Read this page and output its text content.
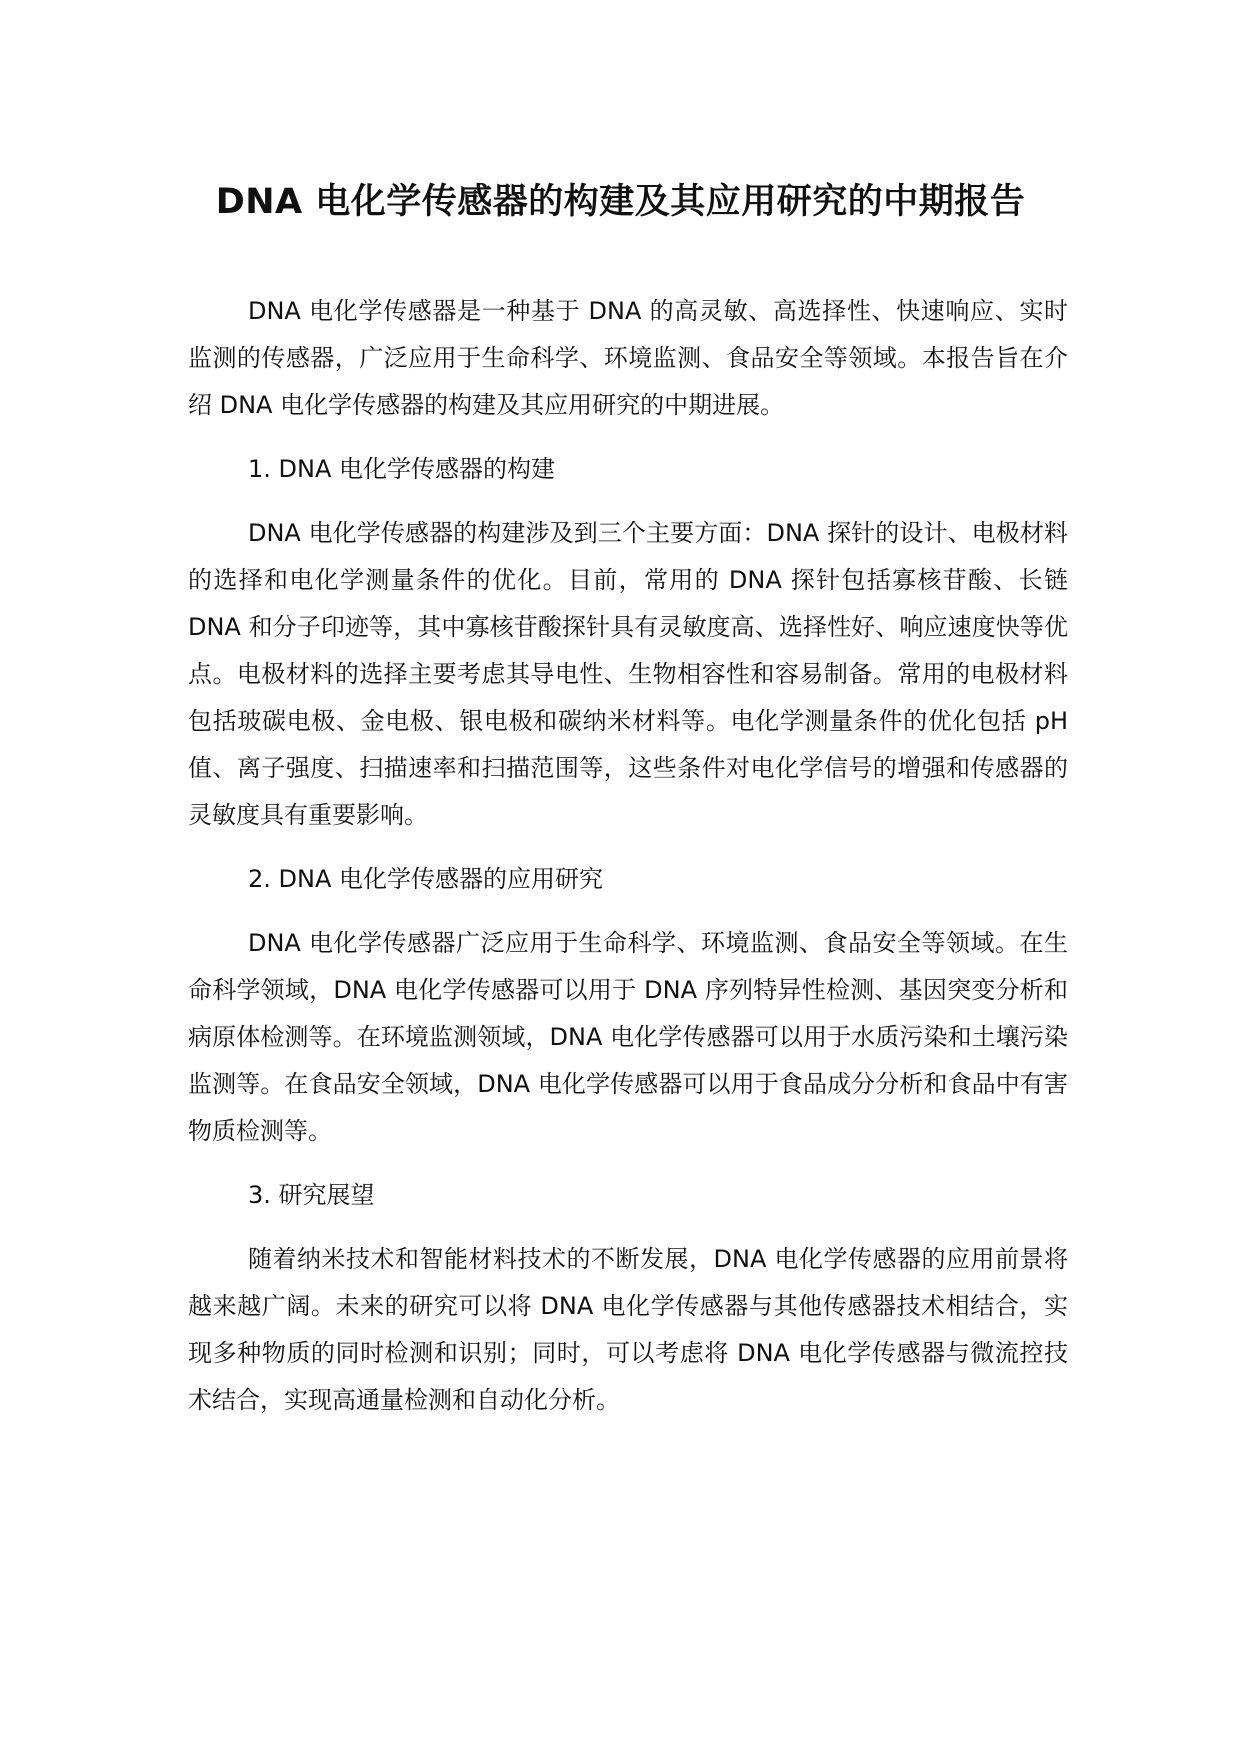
DNA 电化学传感器的构建及其应用研究的中期报告

DNA 电化学传感器是一种基于 DNA 的高灵敏、高选择性、快速响应、实时监测的传感器，广泛应用于生命科学、环境监测、食品安全等领域。本报告旨在介绍 DNA 电化学传感器的构建及其应用研究的中期进展。

1. DNA 电化学传感器的构建

DNA 电化学传感器的构建涉及到三个主要方面：DNA 探针的设计、电极材料的选择和电化学测量条件的优化。目前，常用的 DNA 探针包括寡核苷酸、长链 DNA 和分子印迹等，其中寡核苷酸探针具有灵敏度高、选择性好、响应速度快等优点。电极材料的选择主要考虑其导电性、生物相容性和容易制备。常用的电极材料包括玻碳电极、金电极、银电极和碳纳米材料等。电化学测量条件的优化包括 pH 值、离子强度、扫描速率和扫描范围等，这些条件对电化学信号的增强和传感器的灵敏度具有重要影响。

2. DNA 电化学传感器的应用研究

DNA 电化学传感器广泛应用于生命科学、环境监测、食品安全等领域。在生命科学领域，DNA 电化学传感器可以用于 DNA 序列特异性检测、基因突变分析和病原体检测等。在环境监测领域，DNA 电化学传感器可以用于水质污染和土壤污染监测等。在食品安全领域，DNA 电化学传感器可以用于食品成分分析和食品中有害物质检测等。

3. 研究展望

随着纳米技术和智能材料技术的不断发展，DNA 电化学传感器的应用前景将越来越广阔。未来的研究可以将 DNA 电化学传感器与其他传感器技术相结合，实现多种物质的同时检测和识别；同时，可以考虑将 DNA 电化学传感器与微流控技术结合，实现高通量检测和自动化分析。
